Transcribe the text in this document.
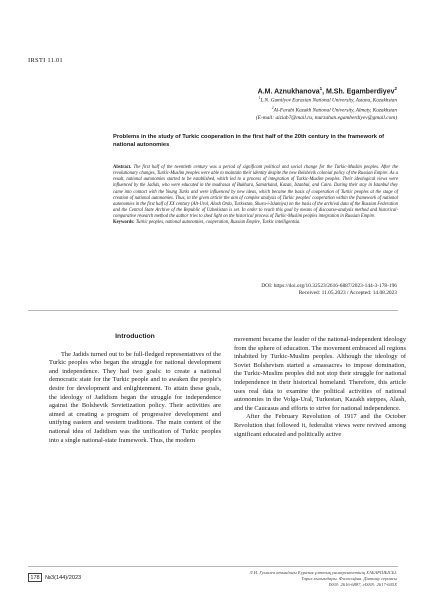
IRSTI 11.01
A.M. Aznukhanova$^1$, M.Sh. Egamberdiyev$^2$
$^1$L.N. Gumilyov Eurasian National University, Astana, Kazakhstan
$^2$Al-Farabi Kazakh National University, Almaty, Kazakhstan
(E-mail: aiziab7@mail.ru, murzahan.egamberdiyev@gmail.com)
Problems in the study of Turkic cooperation in the first half of the 20th century in the framework of national autonomies
Abstract. The first half of the twentieth century was a period of significant political and social change for the Turkic-Muslim peoples. After the revolutionary changes, Turkic-Muslim peoples were able to maintain their identity despite the new Bolshevik colonial policy of the Russian Empire. As a result, national autonomies started to be established, which led to a process of integration of Turkic-Muslim peoples. Their ideological views were influenced by the Jadids, who were educated in the madrasas of Bukhara, Samarkand, Kazan, Istanbul, and Cairo. During their stay in Istanbul they came into contact with the Young Turks and were influenced by new ideas, which became the basis of cooperation of Turkic peoples at the stage of creation of national autonomies. Thus, in the given article the aim of complex analysis of Turkic peoples' cooperation within the framework of national autonomies in the first half of XX century (Alt-Urol, Alash Orda, Turkestan, Shura-i-Islamiya) on the basis of the archival data of the Russian Federation and the Central State Archive of the Republic of Uzbekistan is set. In order to reach this goal by means of discourse-analysis method and historical-comparative research method the author tries to shed light on the historical process of Turkic-Muslim peoples integration in Russian Empire.
Keywords: Turkic peoples, national autonomies, cooperation, Russian Empire, Turkic intelligentsia.
DOI: https://doi.org/10.32523/2616-6887/2023-144-3-178-196
Received: 11.05.2023 / Accepted: 14.08.2023
Introduction

The Jadids turned out to be full-fledged representatives of the Turkic peoples who began the struggle for national development and independence. They had two goals: to create a national democratic state for the Turkic people and to awaken the people's desire for development and enlightenment. To attain these goals, the ideology of Jadidism began the struggle for independence against the Bolshevik Sovietization policy. Their activities are aimed at creating a program of progressive development and unifying eastern and western traditions. The main content of the national idea of Jadidism was the unification of Turkic peoples into a single national-state framework. Thus, the modern

movement became the leader of the national-independent ideology from the sphere of education. The movement embraced all regions inhabited by Turkic-Muslim peoples. Although the ideology of Soviet Bolshevism started a «massacre» to impose domination, the Turkic-Muslim peoples did not stop their struggle for national independence in their historical homeland. Therefore, this article uses real data to examine the political activities of national autonomies in the Volga-Ural, Turkestan, Kazakh steppes, Alash, and the Caucasus and efforts to strive for national independence.

After the February Revolution of 1917 and the October Revolution that followed it, federalist views were revived among significant educated and politically active

178 №3(144)/2023
Л.Н. Гумилев атындағы Еуразия ұлттық университетінің ХАБАРШЫСЫ.
Тарих ғылымдары. Философия. Дінтану сериясы
ISSN: 2616-6887, eISSN: 2617-605X
